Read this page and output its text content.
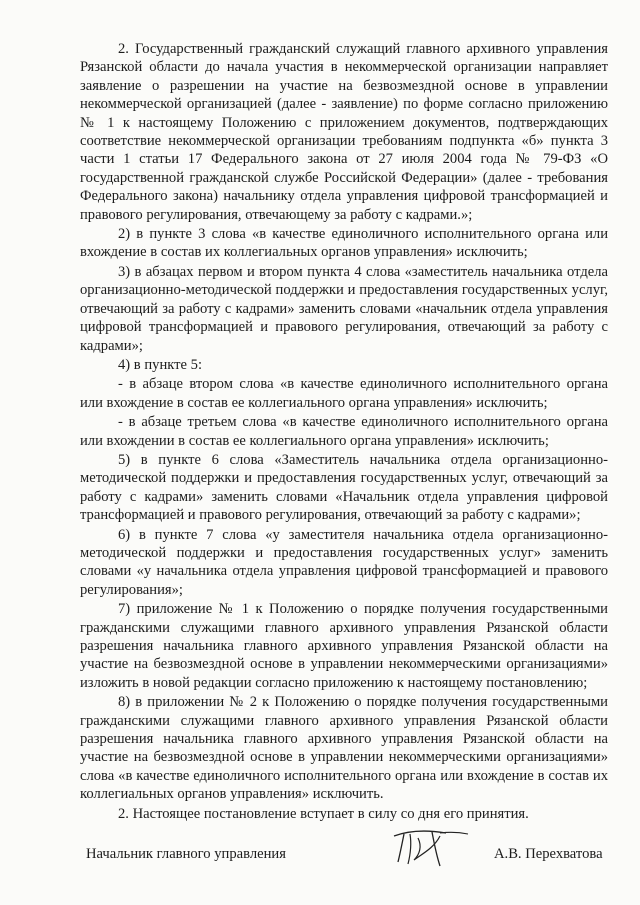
2. Государственный гражданский служащий главного архивного управления Рязанской области до начала участия в некоммерческой организации направляет заявление о разрешении на участие на безвозмездной основе в управлении некоммерческой организацией (далее - заявление) по форме согласно приложению № 1 к настоящему Положению с приложением документов, подтверждающих соответствие некоммерческой организации требованиям подпункта «б» пункта 3 части 1 статьи 17 Федерального закона от 27 июля 2004 года № 79-ФЗ «О государственной гражданской службе Российской Федерации» (далее - требования Федерального закона) начальнику отдела управления цифровой трансформацией и правового регулирования, отвечающему за работу с кадрами.»;

2) в пункте 3 слова «в качестве единоличного исполнительного органа или вхождение в состав их коллегиальных органов управления» исключить;

3) в абзацах первом и втором пункта 4 слова «заместитель начальника отдела организационно-методической поддержки и предоставления государственных услуг, отвечающий за работу с кадрами» заменить словами «начальник отдела управления цифровой трансформацией и правового регулирования, отвечающий за работу с кадрами»;

4) в пункте 5:

- в абзаце втором слова «в качестве единоличного исполнительного органа или вхождение в состав ее коллегиального органа управления» исключить;

- в абзаце третьем слова «в качестве единоличного исполнительного органа или вхождении в состав ее коллегиального органа управления» исключить;

5) в пункте 6 слова «Заместитель начальника отдела организационно-методической поддержки и предоставления государственных услуг, отвечающий за работу с кадрами» заменить словами «Начальник отдела управления цифровой трансформацией и правового регулирования, отвечающий за работу с кадрами»;

6) в пункте 7 слова «у заместителя начальника отдела организационно-методической поддержки и предоставления государственных услуг» заменить словами «у начальника отдела управления цифровой трансформацией и правового регулирования»;

7) приложение № 1 к Положению о порядке получения государственными гражданскими служащими главного архивного управления Рязанской области разрешения начальника главного архивного управления Рязанской области на участие на безвозмездной основе в управлении некоммерческими организациями» изложить в новой редакции согласно приложению к настоящему постановлению;

8) в приложении № 2 к Положению о порядке получения государственными гражданскими служащими главного архивного управления Рязанской области разрешения начальника главного архивного управления Рязанской области на участие на безвозмездной основе в управлении некоммерческими организациями» слова «в качестве единоличного исполнительного органа или вхождение в состав их коллегиальных органов управления» исключить.

2. Настоящее постановление вступает в силу со дня его принятия.

Начальник главного управления	А.В. Перехватова
